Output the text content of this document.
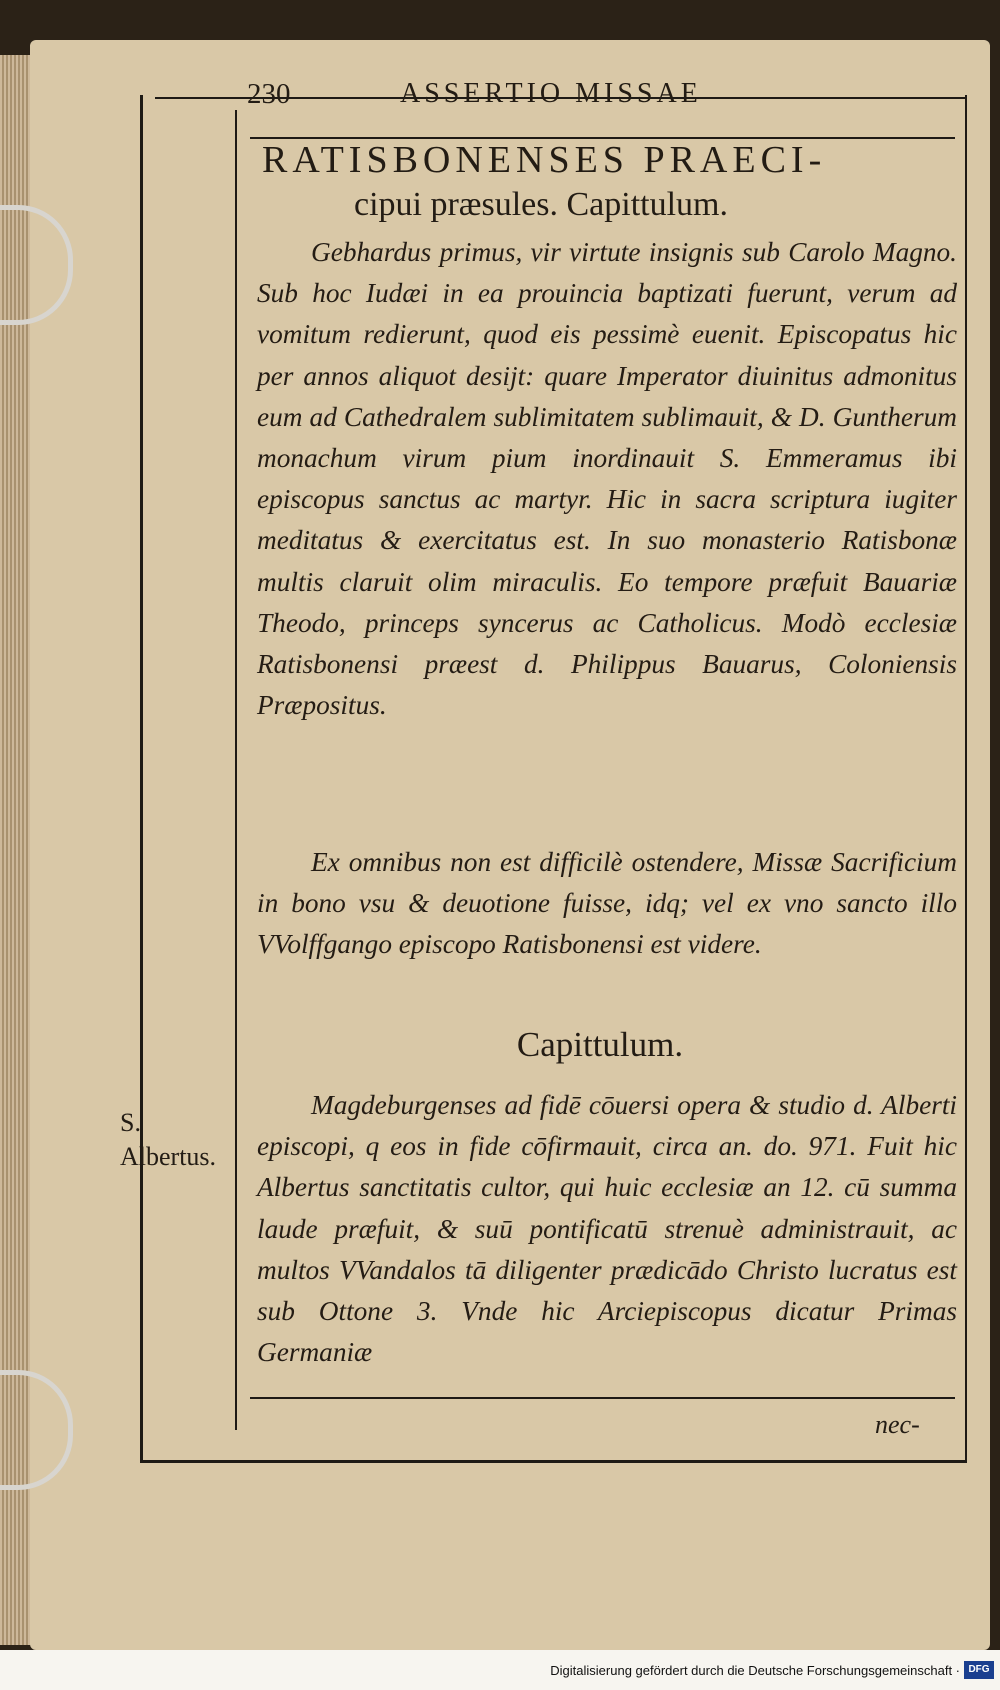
230	ASSERTIO MISSAE
RATISBONENSES PRAECI-
cipui præsules. Capittulum.

Gebhardus primus, vir virtute insignis sub Carolo Magno. Sub hoc Iudæi in ea prouincia baptizati fuerunt, verum ad vomitum redierunt, quod eis pessimè euenit. Episcopatus hic per annos aliquot desijt: quare Imperator diuinitus admonitus eum ad Cathedralem sublimitatem sublimauit, & D. Guntherum monachum virum pium inordinauit S. Emmeramus ibi episcopus sanctus ac martyr. Hic in sacra scriptura iugiter meditatus & exercitatus est. In suo monasterio Ratisbonæ multis claruit olim miraculis. Eo tempore præfuit Bauariæ Theodo, princeps syncerus ac Catholicus. Modò ecclesiæ Ratisbonensi præest d. Philippus Bauarus, Coloniensis Præpositus.

Ex omnibus non est difficilè ostendere, Missæ Sacrificium in bono vsu & deuotione fuisse, idq; vel ex vno sancto illo VVolffgango episcopo Ratisbonensi est videre.

Capittulum.

Magdeburgenses ad fidē cōuersi opera & studio d. Alberti episcopi, q eos in fide cōfirmauit, circa an. do. 971. Fuit hic Albertus sanctitatis cultor, qui huic ecclesiæ an 12. cū summa laude præfuit, & suū pontificatū strenuè administrauit, ac multos VVandalos tā diligenter prædicādo Christo lucratus est sub Ottone 3. Vnde hic Arciepiscopus dicatur Primas Germaniæ

S. Albertus.
nec-
Digitalisierung gefördert durch die Deutsche Forschungsgemeinschaft · DFG
